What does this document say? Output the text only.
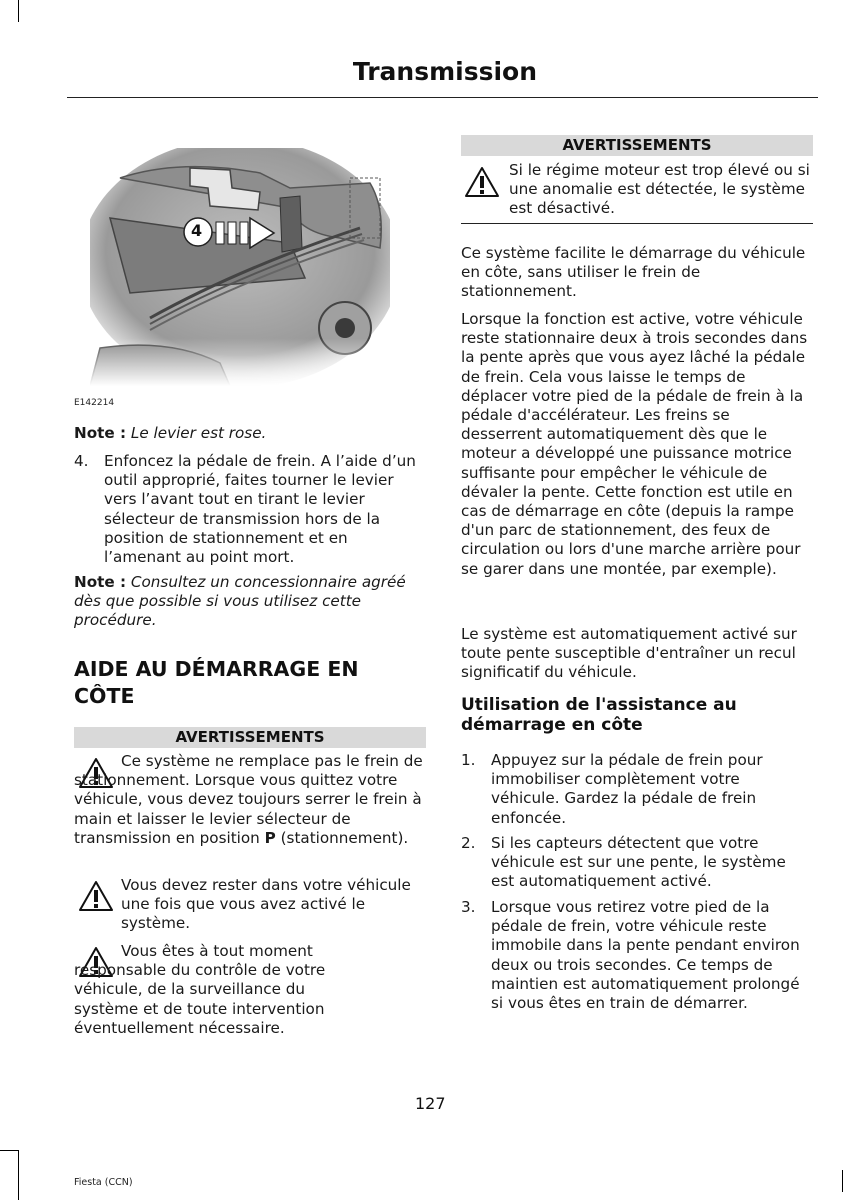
Transmission
4
E142214

Note : Le levier est rose.

4. Enfoncez la pédale de frein. A l’aide d’un outil approprié, faites tourner le levier vers l’avant tout en tirant le levier sélecteur de transmission hors de la position de stationnement et en l’amenant au point mort.

Note : Consultez un concessionnaire agréé dès que possible si vous utilisez cette procédure.

AIDE AU DÉMARRAGE EN CÔTE
AVERTISSEMENTS

Ce système ne remplace pas le frein de stationnement. Lorsque vous quittez votre véhicule, vous devez toujours serrer le frein à main et laisser le levier sélecteur de transmission en position P (stationnement).

Vous devez rester dans votre véhicule une fois que vous avez activé le système.

Vous êtes à tout moment responsable du contrôle de votre véhicule, de la surveillance du système et de toute intervention éventuellement nécessaire.

AVERTISSEMENTS

Si le régime moteur est trop élevé ou si une anomalie est détectée, le système est désactivé.

Ce système facilite le démarrage du véhicule en côte, sans utiliser le frein de stationnement.

Lorsque la fonction est active, votre véhicule reste stationnaire deux à trois secondes dans la pente après que vous ayez lâché la pédale de frein. Cela vous laisse le temps de déplacer votre pied de la pédale de frein à la pédale d'accélérateur. Les freins se desserrent automatiquement dès que le moteur a développé une puissance motrice suffisante pour empêcher le véhicule de dévaler la pente. Cette fonction est utile en cas de démarrage en côte (depuis la rampe d'un parc de stationnement, des feux de circulation ou lors d'une marche arrière pour se garer dans une montée, par exemple).

Le système est automatiquement activé sur toute pente susceptible d'entraîner un recul significatif du véhicule.

Utilisation de l'assistance au démarrage en côte
1. Appuyez sur la pédale de frein pour immobiliser complètement votre véhicule. Gardez la pédale de frein enfoncée.
2. Si les capteurs détectent que votre véhicule est sur une pente, le système est automatiquement activé.
3. Lorsque vous retirez votre pied de la pédale de frein, votre véhicule reste immobile dans la pente pendant environ deux ou trois secondes. Ce temps de maintien est automatiquement prolongé si vous êtes en train de démarrer.
127
Fiesta (CCN)
